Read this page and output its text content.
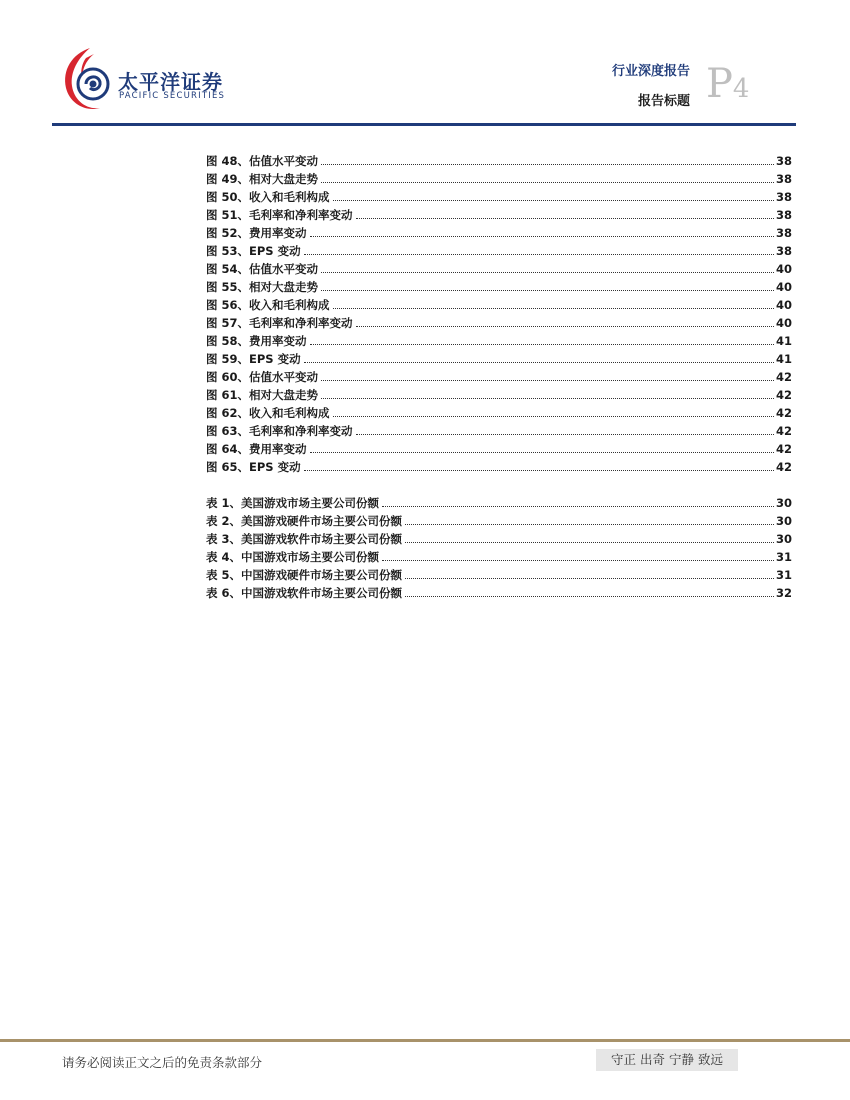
太平洋证券
PACIFIC SECURITIES
行业深度报告
报告标题 P4
图 48、估值水平变动	38
图 49、相对大盘走势	38
图 50、收入和毛利构成	38
图 51、毛利率和净利率变动	38
图 52、费用率变动	38
图 53、EPS 变动	38
图 54、估值水平变动	40
图 55、相对大盘走势	40
图 56、收入和毛利构成	40
图 57、毛利率和净利率变动	40
图 58、费用率变动	41
图 59、EPS 变动	41
图 60、估值水平变动	42
图 61、相对大盘走势	42
图 62、收入和毛利构成	42
图 63、毛利率和净利率变动	42
图 64、费用率变动	42
图 65、EPS 变动	42
表 1、美国游戏市场主要公司份额	30
表 2、美国游戏硬件市场主要公司份额	30
表 3、美国游戏软件市场主要公司份额	30
表 4、中国游戏市场主要公司份额	31
表 5、中国游戏硬件市场主要公司份额	31
表 6、中国游戏软件市场主要公司份额	32
请务必阅读正文之后的免责条款部分	守正 出奇 宁静 致远
